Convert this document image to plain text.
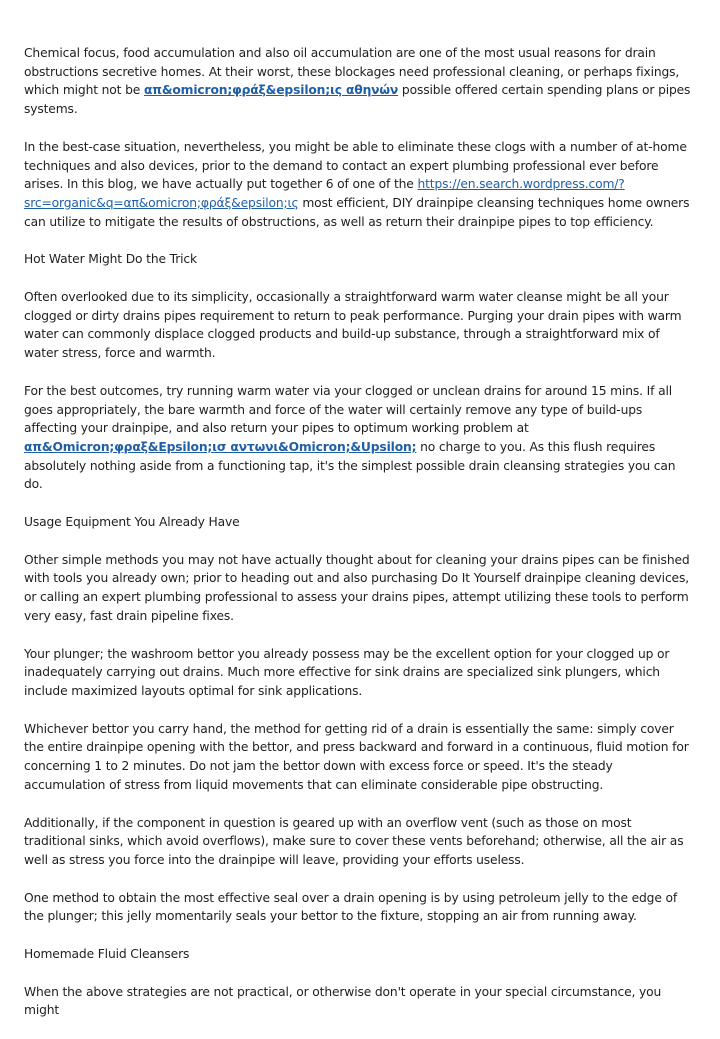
Chemical focus, food accumulation and also oil accumulation are one of the most usual reasons for drain obstructions secretive homes. At their worst, these blockages need professional cleaning, or perhaps fixings, which might not be απ&omicron;φράξ&epsilon;ις αθηνών possible offered certain spending plans or pipes systems.

In the best-case situation, nevertheless, you might be able to eliminate these clogs with a number of at-home techniques and also devices, prior to the demand to contact an expert plumbing professional ever before arises. In this blog, we have actually put together 6 of one of the https://en.search.wordpress.com/?src=organic&q=απ&omicron;φράξ&epsilon;ις most efficient, DIY drainpipe cleansing techniques home owners can utilize to mitigate the results of obstructions, as well as return their drainpipe pipes to top efficiency.

Hot Water Might Do the Trick

Often overlooked due to its simplicity, occasionally a straightforward warm water cleanse might be all your clogged or dirty drains pipes requirement to return to peak performance. Purging your drain pipes with warm water can commonly displace clogged products and build-up substance, through a straightforward mix of water stress, force and warmth.

For the best outcomes, try running warm water via your clogged or unclean drains for around 15 mins. If all goes appropriately, the bare warmth and force of the water will certainly remove any type of build-ups affecting your drainpipe, and also return your pipes to optimum working problem at απ&Omicron;φραξ&Epsilon;ισ αντωνι&Omicron;&Upsilon; no charge to you. As this flush requires absolutely nothing aside from a functioning tap, it's the simplest possible drain cleansing strategies you can do.

Usage Equipment You Already Have

Other simple methods you may not have actually thought about for cleaning your drains pipes can be finished with tools you already own; prior to heading out and also purchasing Do It Yourself drainpipe cleaning devices, or calling an expert plumbing professional to assess your drains pipes, attempt utilizing these tools to perform very easy, fast drain pipeline fixes.

Your plunger; the washroom bettor you already possess may be the excellent option for your clogged up or inadequately carrying out drains. Much more effective for sink drains are specialized sink plungers, which include maximized layouts optimal for sink applications.

Whichever bettor you carry hand, the method for getting rid of a drain is essentially the same: simply cover the entire drainpipe opening with the bettor, and press backward and forward in a continuous, fluid motion for concerning 1 to 2 minutes. Do not jam the bettor down with excess force or speed. It's the steady accumulation of stress from liquid movements that can eliminate considerable pipe obstructing.

Additionally, if the component in question is geared up with an overflow vent (such as those on most traditional sinks, which avoid overflows), make sure to cover these vents beforehand; otherwise, all the air as well as stress you force into the drainpipe will leave, providing your efforts useless.

One method to obtain the most effective seal over a drain opening is by using petroleum jelly to the edge of the plunger; this jelly momentarily seals your bettor to the fixture, stopping an air from running away.

Homemade Fluid Cleansers

When the above strategies are not practical, or otherwise don't operate in your special circumstance, you might
